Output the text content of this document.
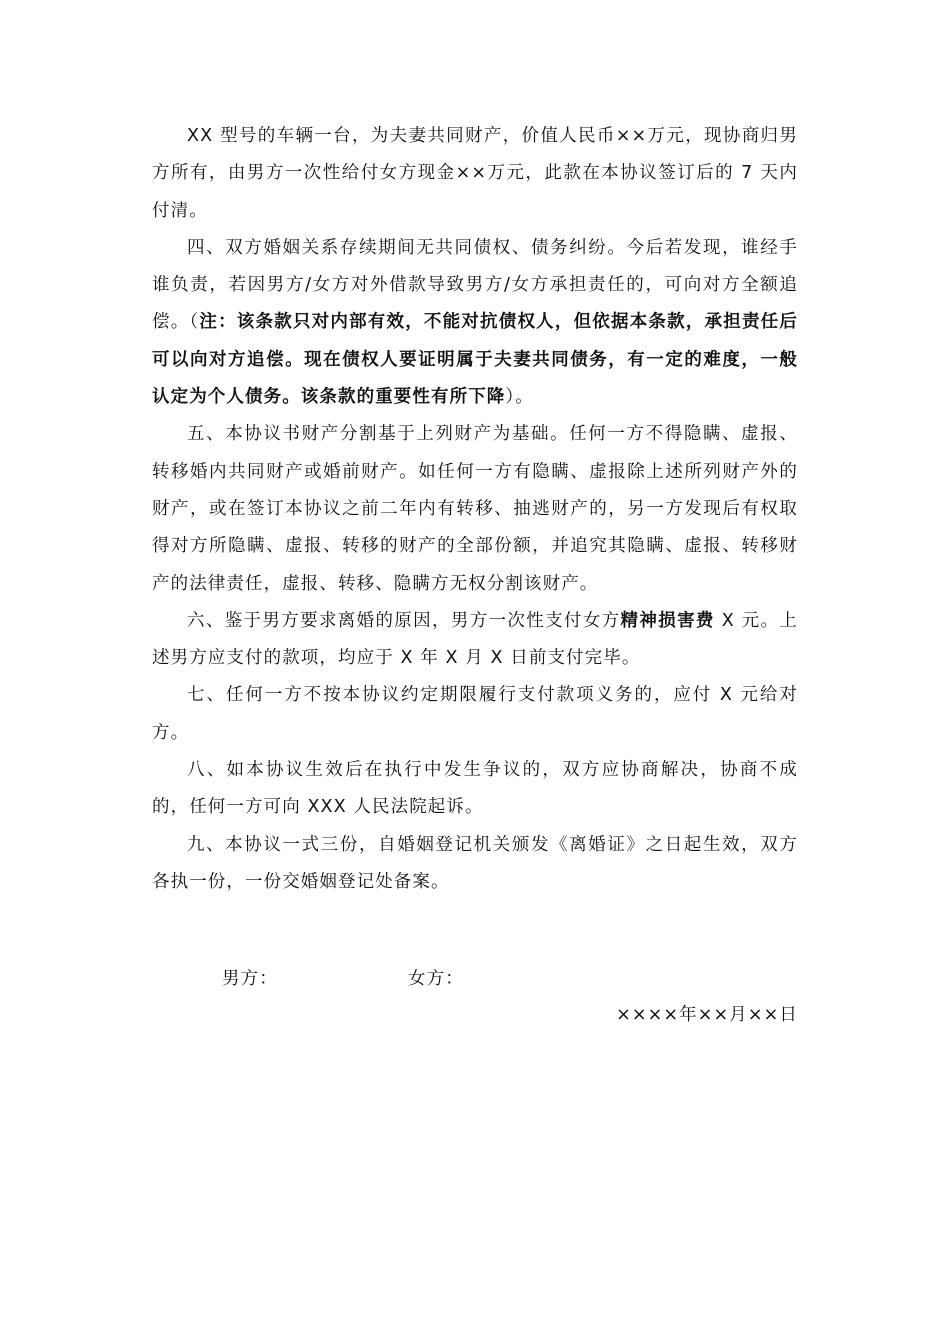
XX 型号的车辆一台，为夫妻共同财产，价值人民币××万元，现协商归男方所有，由男方一次性给付女方现金××万元，此款在本协议签订后的 7 天内付清。

四、双方婚姻关系存续期间无共同债权、债务纠纷。今后若发现，谁经手谁负责，若因男方/女方对外借款导致男方/女方承担责任的，可向对方全额追偿。（注：该条款只对内部有效，不能对抗债权人，但依据本条款，承担责任后可以向对方追偿。现在债权人要证明属于夫妻共同债务，有一定的难度，一般认定为个人债务。该条款的重要性有所下降）。

五、本协议书财产分割基于上列财产为基础。任何一方不得隐瞒、虚报、转移婚内共同财产或婚前财产。如任何一方有隐瞒、虚报除上述所列财产外的财产，或在签订本协议之前二年内有转移、抽逃财产的，另一方发现后有权取得对方所隐瞒、虚报、转移的财产的全部份额，并追究其隐瞒、虚报、转移财产的法律责任，虚报、转移、隐瞒方无权分割该财产。

六、鉴于男方要求离婚的原因，男方一次性支付女方精神损害费 X 元。上述男方应支付的款项，均应于 X 年 X 月 X 日前支付完毕。

七、任何一方不按本协议约定期限履行支付款项义务的，应付 X 元给对方。

八、如本协议生效后在执行中发生争议的，双方应协商解决，协商不成的，任何一方可向 XXX 人民法院起诉。

九、本协议一式三份，自婚姻登记机关颁发《离婚证》之日起生效，双方各执一份，一份交婚姻登记处备案。

男方：	女方：
××××年××月××日
